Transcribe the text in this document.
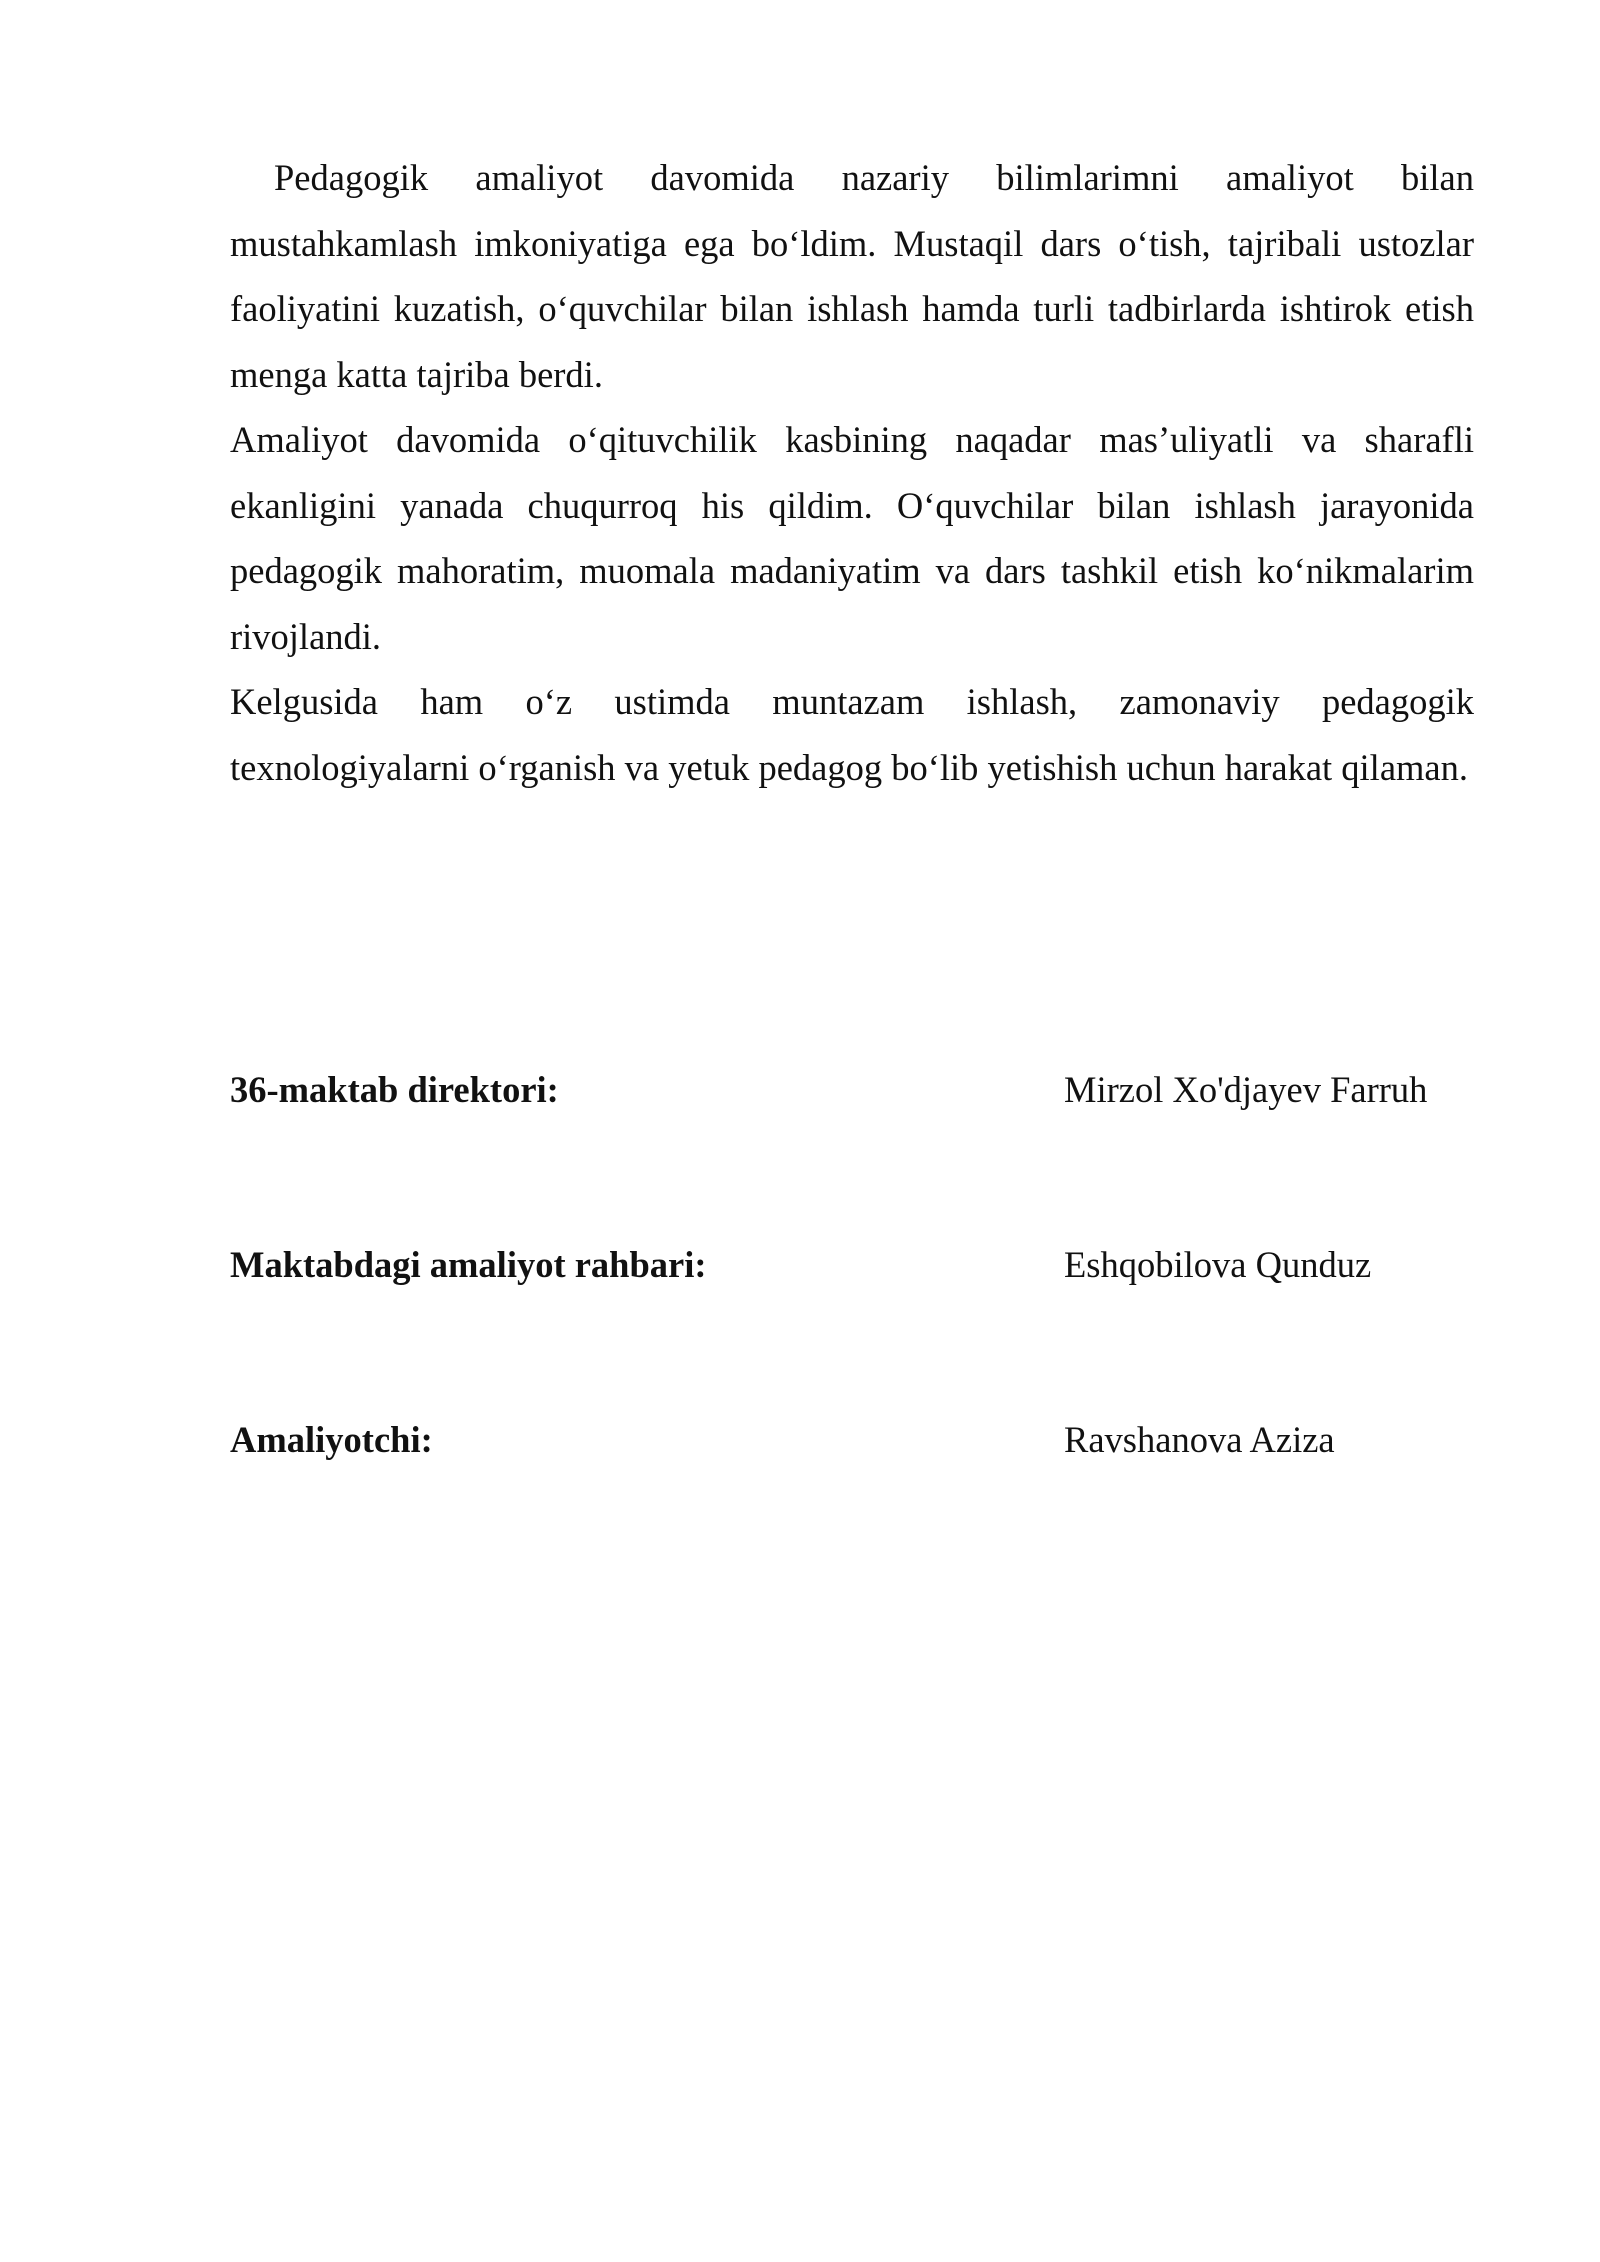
Pedagogik amaliyot davomida nazariy bilimlarimni amaliyot bilan mustahkamlash imkoniyatiga ega boʻldim. Mustaqil dars oʻtish, tajribali ustozlar faoliyatini kuzatish, oʻquvchilar bilan ishlash hamda turli tadbirlarda ishtirok etish menga katta tajriba berdi.

Amaliyot davomida oʻqituvchilik kasbining naqadar mas’uliyatli va sharafli ekanligini yanada chuqurroq his qildim. Oʻquvchilar bilan ishlash jarayonida pedagogik mahoratim, muomala madaniyatim va dars tashkil etish koʻnikmalarim rivojlandi.

Kelgusida ham oʻz ustimda muntazam ishlash, zamonaviy pedagogik texnologiyalarni oʻrganish va yetuk pedagog boʻlib yetishish uchun harakat qilaman.

36-maktab direktori:	Mirzol Xo'djayev Farruh
Maktabdagi amaliyot rahbari:	Eshqobilova Qunduz
Amaliyotchi:	Ravshanova Aziza
